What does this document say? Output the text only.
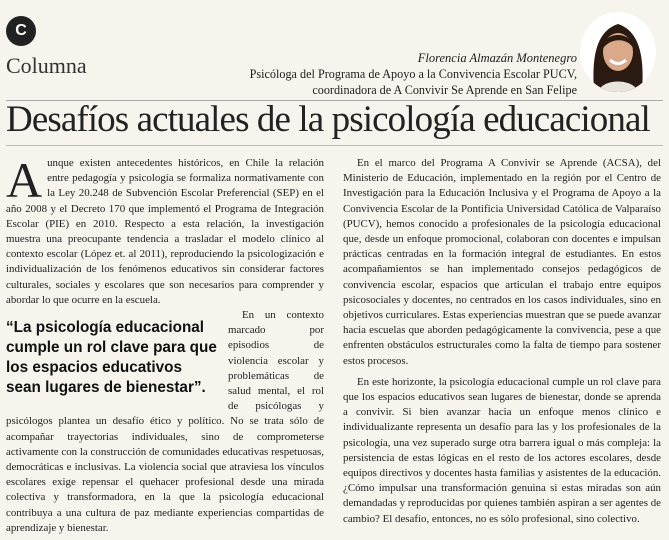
C
Columna	Florencia Almazán Montenegro
Psicóloga del Programa de Apoyo a la Convivencia Escolar PUCV,
coordinadora de A Convivir Se Aprende en San Felipe
Desafíos actuales de la psicología educacional

Aunque existen antecedentes históricos, en Chile la relación entre pedagogía y psicología se formaliza normativamente con la Ley 20.248 de Subvención Escolar Preferencial (SEP) en el año 2008 y el Decreto 170 que implementó el Programa de Integración Escolar (PIE) en 2010. Respecto a esta relación, la investigación muestra una preocupante tendencia a trasladar el modelo clínico al contexto escolar (López et. al 2011), reproduciendo la psicologización e individualización de los fenómenos educativos sin considerar factores culturales, sociales y escolares que son necesarios para comprender y abordar lo que ocurre en la escuela.

“La psicología educacional cumple un rol clave para que los espacios educativos sean lugares de bienestar”.

En un contexto marcado por episodios de violencia escolar y problemáticas de salud mental, el rol de psicólogas y psicólogos plantea un desafío ético y político. No se trata sólo de acompañar trayectorias individuales, sino de comprometerse activamente con la construcción de comunidades educativas respetuosas, democráticas e inclusivas. La violencia social que atraviesa los vínculos escolares exige repensar el quehacer profesional desde una mirada colectiva y transformadora, en la que la psicología educacional contribuya a una cultura de paz mediante experiencias compartidas de aprendizaje y bienestar.

En el marco del Programa A Convivir se Aprende (ACSA), del Ministerio de Educación, implementado en la región por el Centro de Investigación para la Educación Inclusiva y el Programa de Apoyo a la Convivencia Escolar de la Pontificia Universidad Católica de Valparaíso (PUCV), hemos conocido a profesionales de la psicología educacional que, desde un enfoque promocional, colaboran con docentes e impulsan prácticas centradas en la formación integral de estudiantes. En estos acompañamientos se han implementado consejos pedagógicos de convivencia escolar, espacios que articulan el trabajo entre equipos psicosociales y docentes, no centrados en los casos individuales, sino en objetivos curriculares. Estas experiencias muestran que se puede avanzar hacia escuelas que aborden pedagógicamente la convivencia, pese a que enfrenten obstáculos estructurales como la falta de tiempo para sostener estos procesos.

En este horizonte, la psicología educacional cumple un rol clave para que los espacios educativos sean lugares de bienestar, donde se aprenda a convivir. Si bien avanzar hacia un enfoque menos clínico e individualizante representa un desafío para las y los profesionales de la psicología, una vez superado surge otra barrera igual o más compleja: la persistencia de estas lógicas en el resto de los actores escolares, desde equipos directivos y docentes hasta familias y asistentes de la educación. ¿Cómo impulsar una transformación genuina si estas miradas son aún demandadas y reproducidas por quienes también aspiran a ser agentes de cambio? El desafío, entonces, no es sólo profesional, sino colectivo.
